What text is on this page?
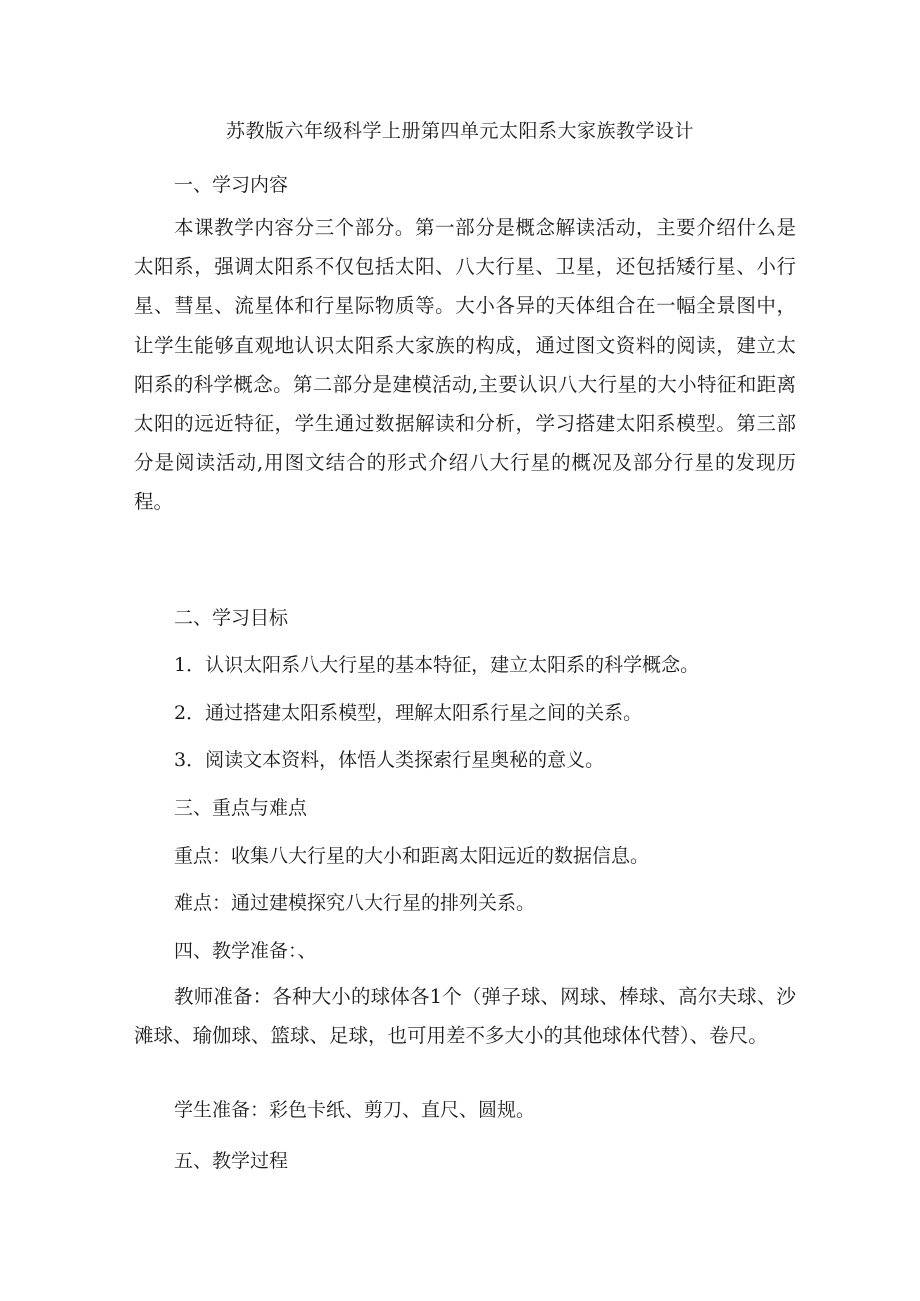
苏教版六年级科学上册第四单元太阳系大家族教学设计
一、学习内容

本课教学内容分三个部分。第一部分是概念解读活动，主要介绍什么是太阳系，强调太阳系不仅包括太阳、八大行星、卫星，还包括矮行星、小行星、彗星、流星体和行星际物质等。大小各异的天体组合在一幅全景图中，让学生能够直观地认识太阳系大家族的构成，通过图文资料的阅读，建立太阳系的科学概念。第二部分是建模活动,主要认识八大行星的大小特征和距离太阳的远近特征，学生通过数据解读和分析，学习搭建太阳系模型。第三部分是阅读活动,用图文结合的形式介绍八大行星的概况及部分行星的发现历程。

二、学习目标
1．认识太阳系八大行星的基本特征，建立太阳系的科学概念。
2．通过搭建太阳系模型，理解太阳系行星之间的关系。
3．阅读文本资料，体悟人类探索行星奥秘的意义。
三、重点与难点
重点：收集八大行星的大小和距离太阳远近的数据信息。
难点：通过建模探究八大行星的排列关系。
四、教学准备：、

教师准备：各种大小的球体各1个（弹子球、网球、棒球、高尔夫球、沙滩球、瑜伽球、篮球、足球，也可用差不多大小的其他球体代替）、卷尺。

学生准备：彩色卡纸、剪刀、直尺、圆规。
五、教学过程
